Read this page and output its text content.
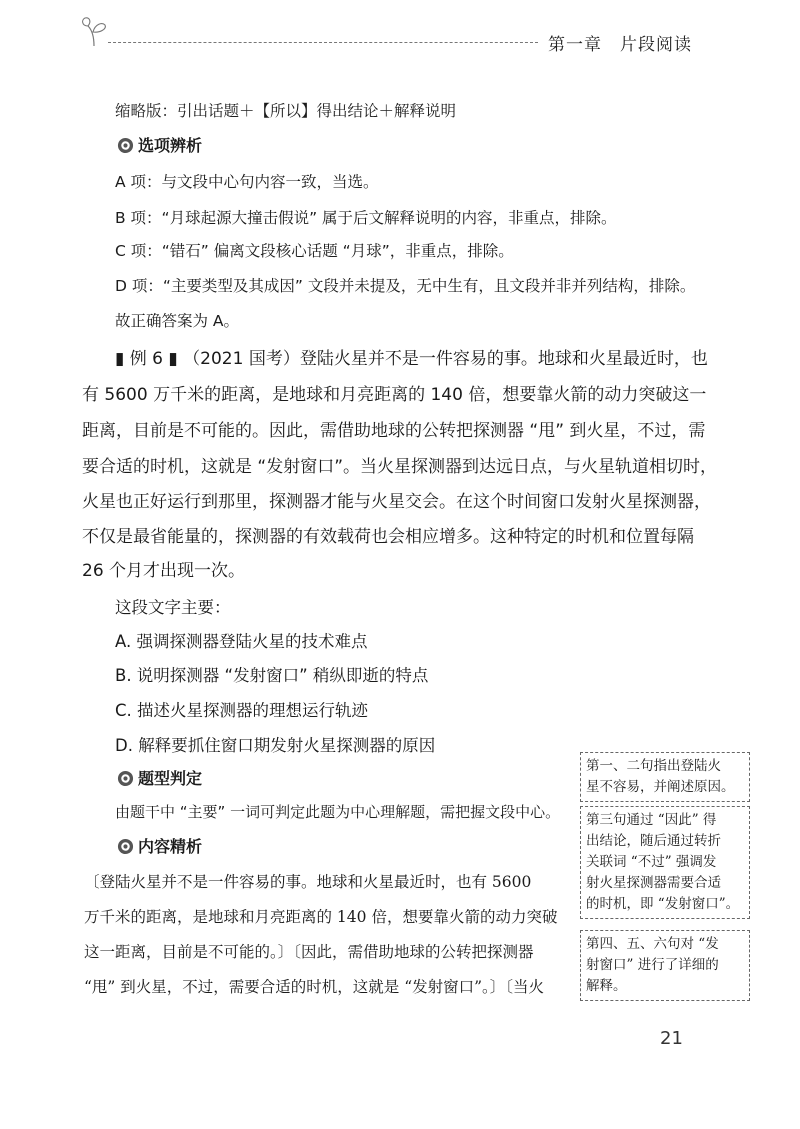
第一章　片段阅读
缩略版：引出话题＋【所以】得出结论＋解释说明
选项辨析
A 项：与文段中心句内容一致，当选。
B 项：“月球起源大撞击假说” 属于后文解释说明的内容，非重点，排除。
C 项：“错石” 偏离文段核心话题 “月球”，非重点，排除。
D 项：“主要类型及其成因” 文段并未提及，无中生有，且文段并非并列结构，排除。
故正确答案为 A。
▮ 例 6 ▮ （2021 国考）登陆火星并不是一件容易的事。地球和火星最近时，也
有 5600 万千米的距离，是地球和月亮距离的 140 倍，想要靠火箭的动力突破这一
距离，目前是不可能的。因此，需借助地球的公转把探测器 “甩” 到火星，不过，需
要合适的时机，这就是 “发射窗口”。当火星探测器到达远日点，与火星轨道相切时，
火星也正好运行到那里，探测器才能与火星交会。在这个时间窗口发射火星探测器，
不仅是最省能量的，探测器的有效载荷也会相应增多。这种特定的时机和位置每隔
26 个月才出现一次。
这段文字主要：
A. 强调探测器登陆火星的技术难点
B. 说明探测器 “发射窗口” 稍纵即逝的特点
C. 描述火星探测器的理想运行轨迹
D. 解释要抓住窗口期发射火星探测器的原因
题型判定
由题干中 “主要” 一词可判定此题为中心理解题，需把握文段中心。
内容精析
〔登陆火星并不是一件容易的事。地球和火星最近时，也有 5600
万千米的距离，是地球和月亮距离的 140 倍，想要靠火箭的动力突破
这一距离，目前是不可能的。〕〔因此，需借助地球的公转把探测器
“甩” 到火星，不过，需要合适的时机，这就是 “发射窗口”。〕〔当火
第一、二句指出登陆火
星不容易，并阐述原因。
第三句通过 “因此” 得
出结论，随后通过转折
关联词 “不过” 强调发
射火星探测器需要合适
的时机，即 “发射窗口”。
第四、五、六句对 “发
射窗口” 进行了详细的
解释。
21
